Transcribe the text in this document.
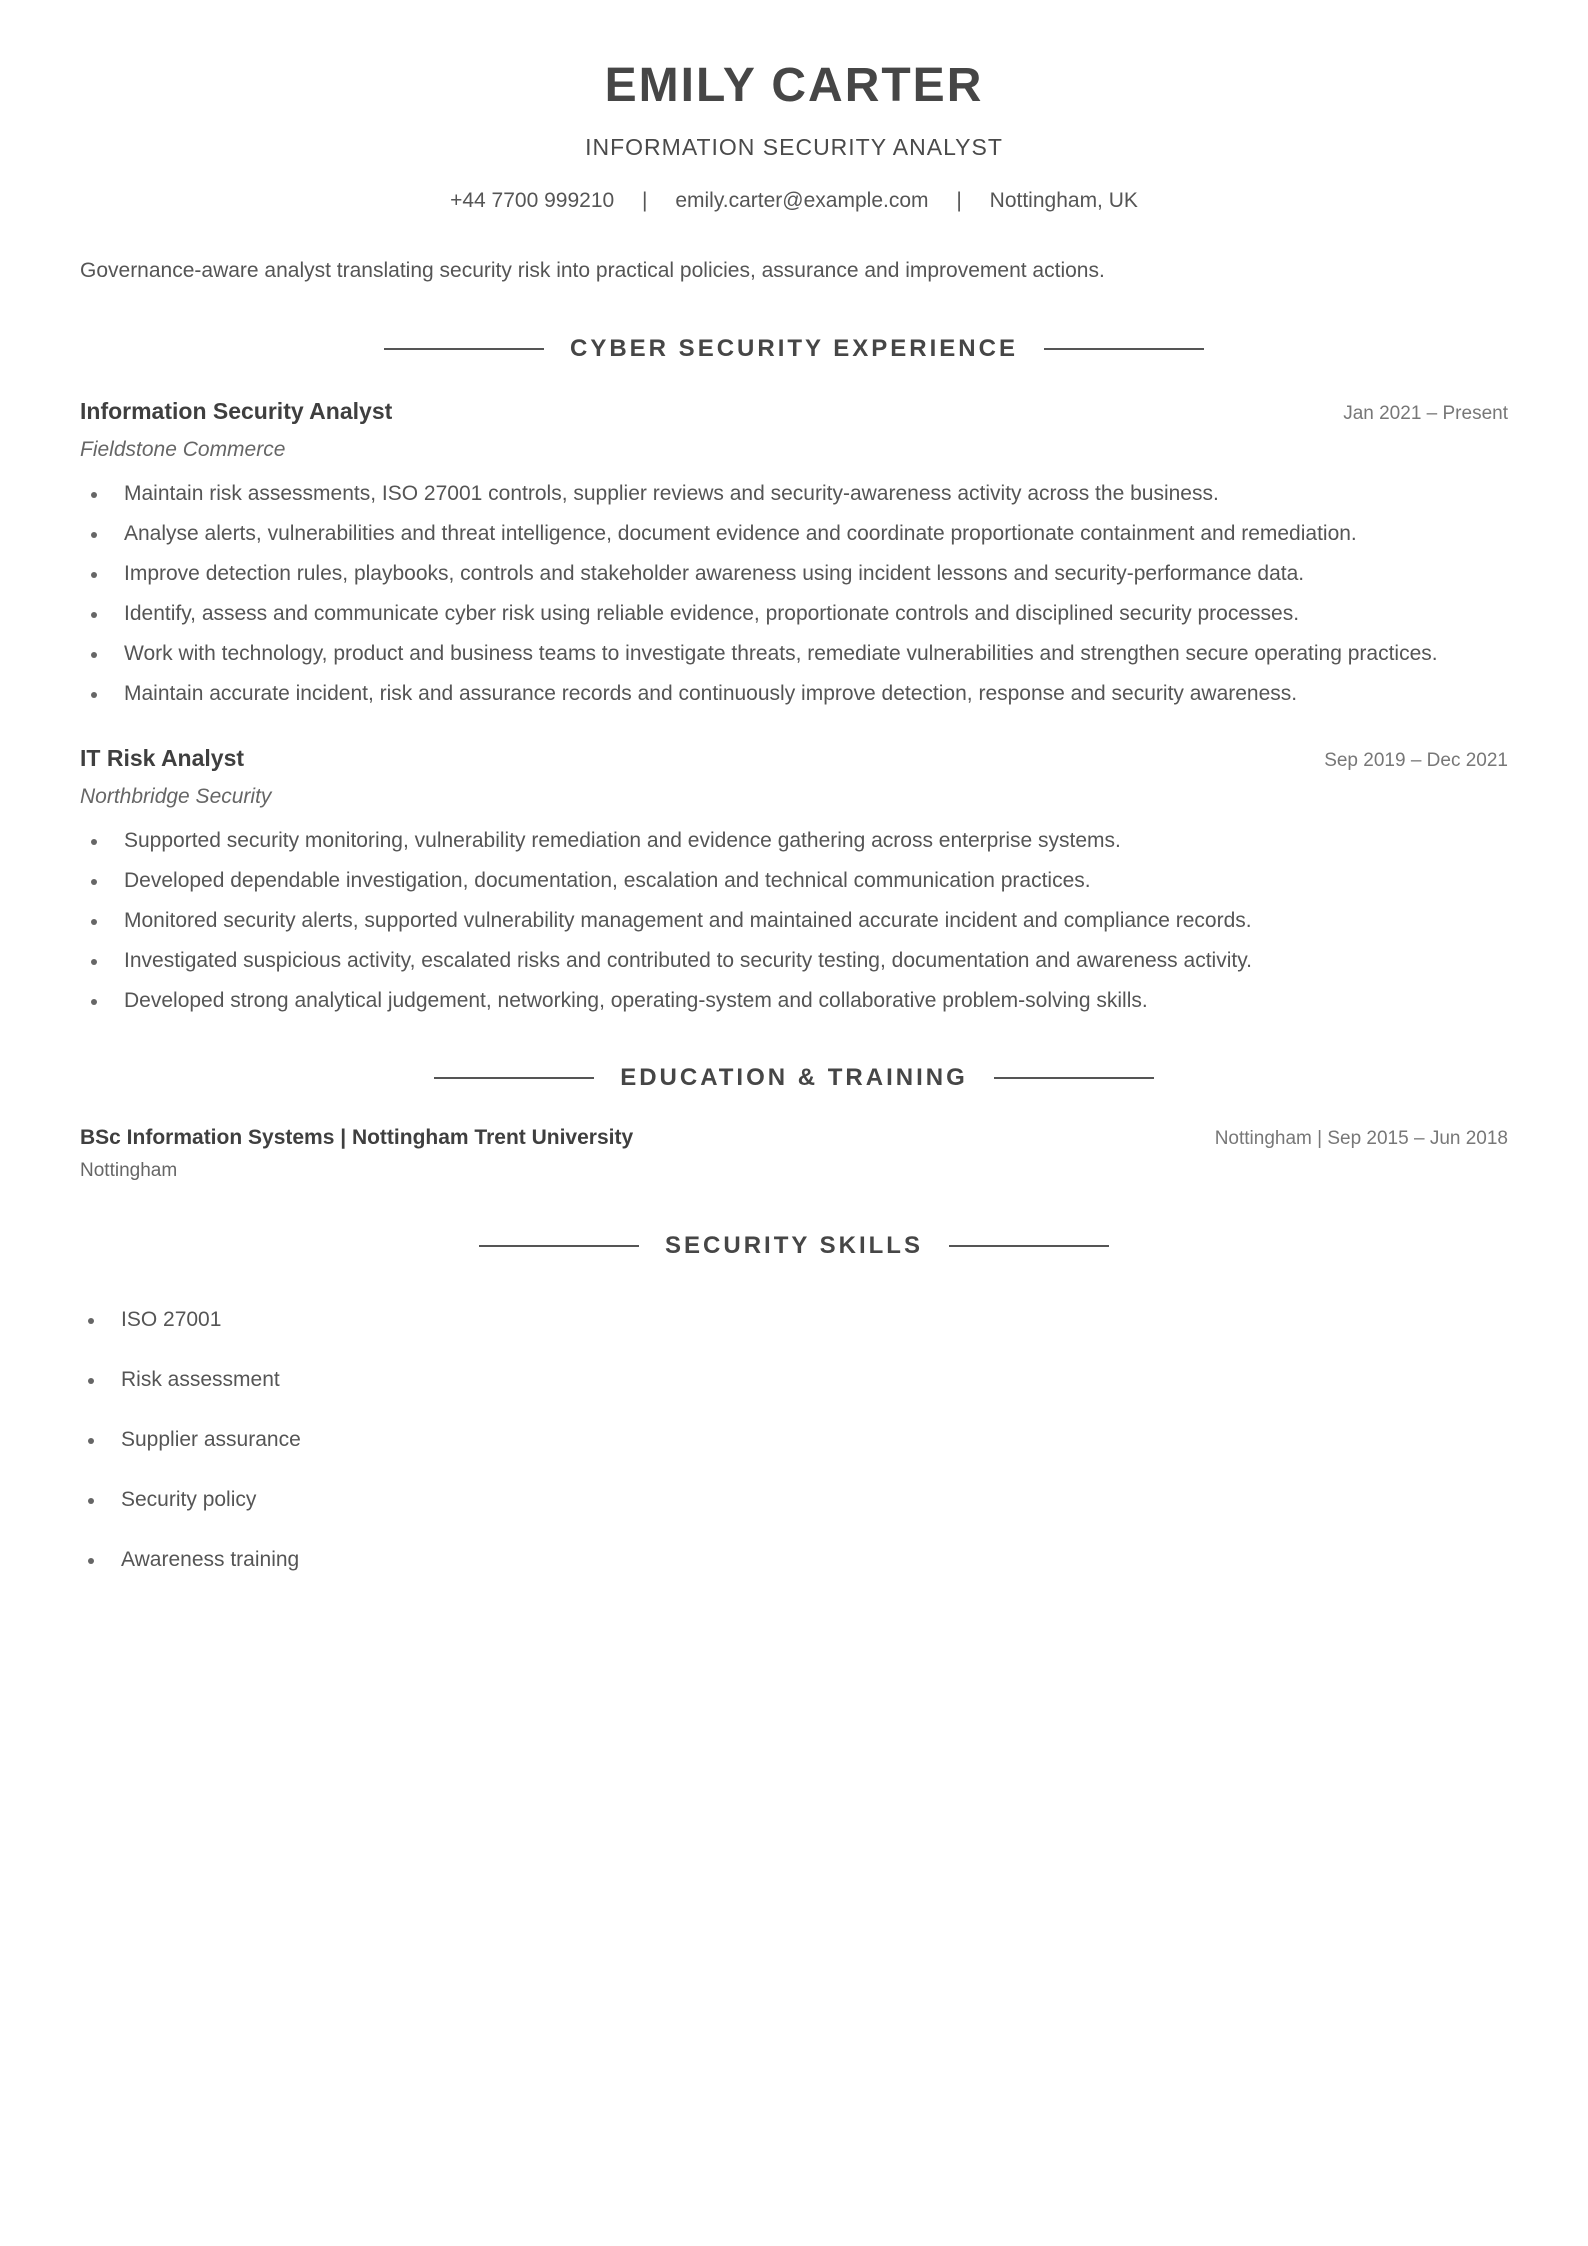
EMILY CARTER
INFORMATION SECURITY ANALYST
+44 7700 999210 | emily.carter@example.com | Nottingham, UK
Governance-aware analyst translating security risk into practical policies, assurance and improvement actions.
CYBER SECURITY EXPERIENCE
Information Security Analyst	Jan 2021 – Present
Fieldstone Commerce
Maintain risk assessments, ISO 27001 controls, supplier reviews and security-awareness activity across the business.
Analyse alerts, vulnerabilities and threat intelligence, document evidence and coordinate proportionate containment and remediation.
Improve detection rules, playbooks, controls and stakeholder awareness using incident lessons and security-performance data.
Identify, assess and communicate cyber risk using reliable evidence, proportionate controls and disciplined security processes.
Work with technology, product and business teams to investigate threats, remediate vulnerabilities and strengthen secure operating practices.
Maintain accurate incident, risk and assurance records and continuously improve detection, response and security awareness.
IT Risk Analyst	Sep 2019 – Dec 2021
Northbridge Security
Supported security monitoring, vulnerability remediation and evidence gathering across enterprise systems.
Developed dependable investigation, documentation, escalation and technical communication practices.
Monitored security alerts, supported vulnerability management and maintained accurate incident and compliance records.
Investigated suspicious activity, escalated risks and contributed to security testing, documentation and awareness activity.
Developed strong analytical judgement, networking, operating-system and collaborative problem-solving skills.
EDUCATION & TRAINING
BSc Information Systems | Nottingham Trent University	Nottingham | Sep 2015 – Jun 2018
Nottingham
SECURITY SKILLS
ISO 27001
Risk assessment
Supplier assurance
Security policy
Awareness training
